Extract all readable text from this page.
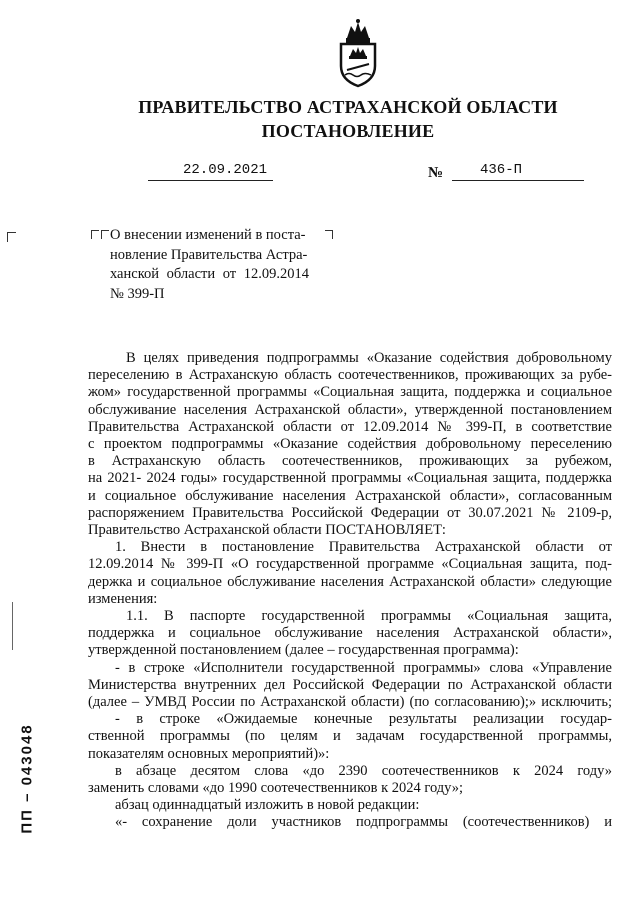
ПРАВИТЕЛЬСТВО АСТРАХАНСКОЙ ОБЛАСТИ
ПОСТАНОВЛЕНИЕ
22.09.2021	№	436-П
О внесении изменений в поста-
новление Правительства Астра-
ханской области от 12.09.2014
№ 399-П
В целях приведения подпрограммы «Оказание содействия добровольному
переселению в Астраханскую область соотечественников, проживающих за рубе-
жом» государственной программы «Социальная защита, поддержка и социальное
обслуживание населения Астраханской области», утвержденной постановлением
Правительства Астраханской области от 12.09.2014 № 399-П, в соответствие
с проектом подпрограммы «Оказание содействия добровольному переселению
в Астраханскую область соотечественников, проживающих за рубежом,
на 2021- 2024 годы» государственной программы «Социальная защита, поддержка
и социальное обслуживание населения Астраханской области», согласованным
распоряжением Правительства Российской Федерации от 30.07.2021 № 2109-р,
Правительство Астраханской области ПОСТАНОВЛЯЕТ:
1. Внести в постановление Правительства Астраханской области от
12.09.2014 № 399-П «О государственной программе «Социальная защита, под-
держка и социальное обслуживание населения Астраханской области» следующие
изменения:
1.1. В паспорте государственной программы «Социальная защита,
поддержка и социальное обслуживание населения Астраханской области»,
утвержденной постановлением (далее – государственная программа):
- в строке «Исполнители государственной программы» слова «Управление
Министерства внутренних дел Российской Федерации по Астраханской области
(далее – УМВД России по Астраханской области) (по согласованию);» исключить;
- в строке «Ожидаемые конечные результаты реализации государ-
ственной программы (по целям и задачам государственной программы,
показателям основных мероприятий)»:
в абзаце десятом слова «до 2390 соотечественников к 2024 году»
заменить словами «до 1990 соотечественников к 2024 году»;
абзац одиннадцатый изложить в новой редакции:
«- сохранение доли участников подпрограммы (соотечественников) и
ПП – 043048
